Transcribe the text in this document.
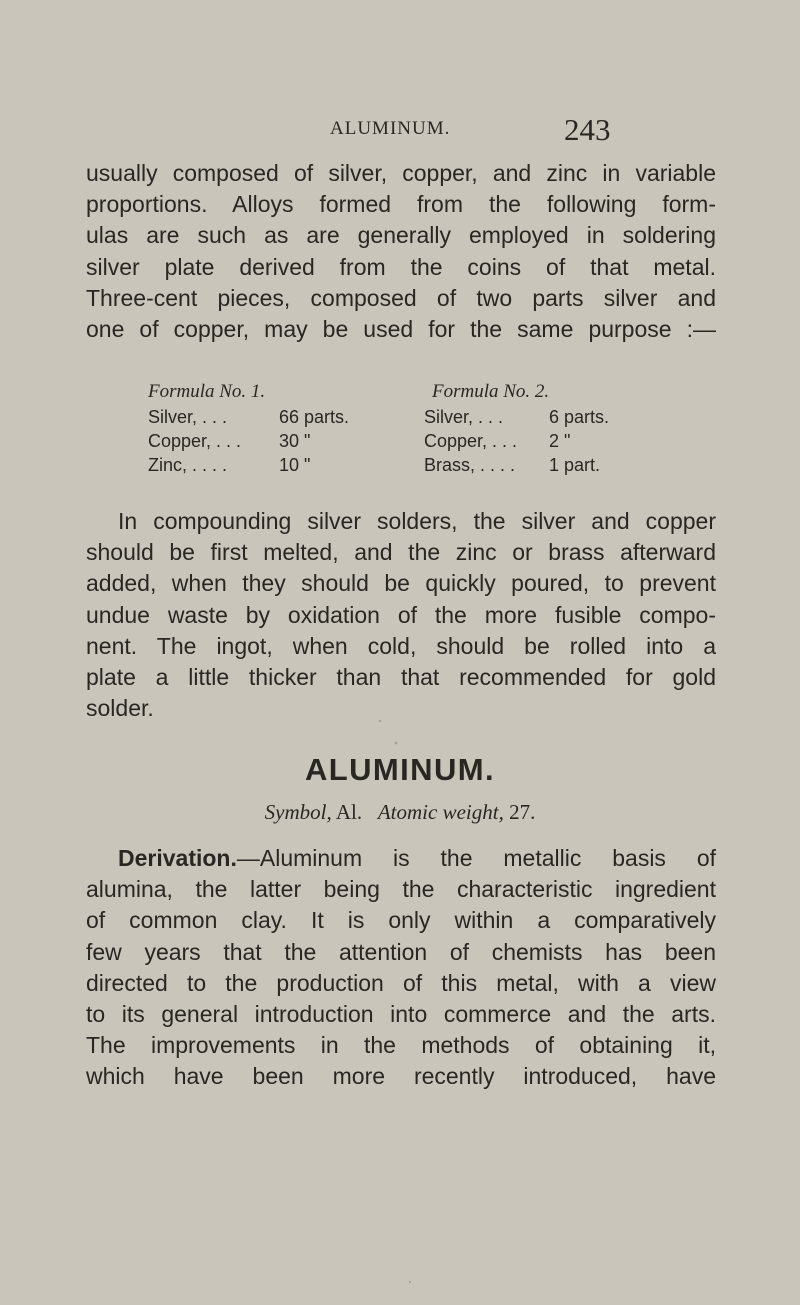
ALUMINUM.	243
usually composed of silver, copper, and zinc in variable
proportions. Alloys formed from the following form-
ulas are such as are generally employed in soldering
silver plate derived from the coins of that metal.
Three-cent pieces, composed of two parts silver and
one of copper, may be used for the same purpose :—
Formula No. 1.
Silver, . . .	66 parts.
Copper, . . . 30 "
Zinc, . . . .	10 "
Formula No. 2.
Silver, . . .	6 parts.
Copper, . . . 2 "
Brass, . . . . 1 part.
In compounding silver solders, the silver and copper
should be first melted, and the zinc or brass afterward
added, when they should be quickly poured, to prevent
undue waste by oxidation of the more fusible compo-
nent. The ingot, when cold, should be rolled into a
plate a little thicker than that recommended for gold
solder.
ALUMINUM.
Symbol, Al. Atomic weight, 27.
Derivation.—Aluminum is the metallic basis of
alumina, the latter being the characteristic ingredient
of common clay. It is only within a comparatively
few years that the attention of chemists has been
directed to the production of this metal, with a view
to its general introduction into commerce and the arts.
The improvements in the methods of obtaining it,
which have been more recently introduced, have
